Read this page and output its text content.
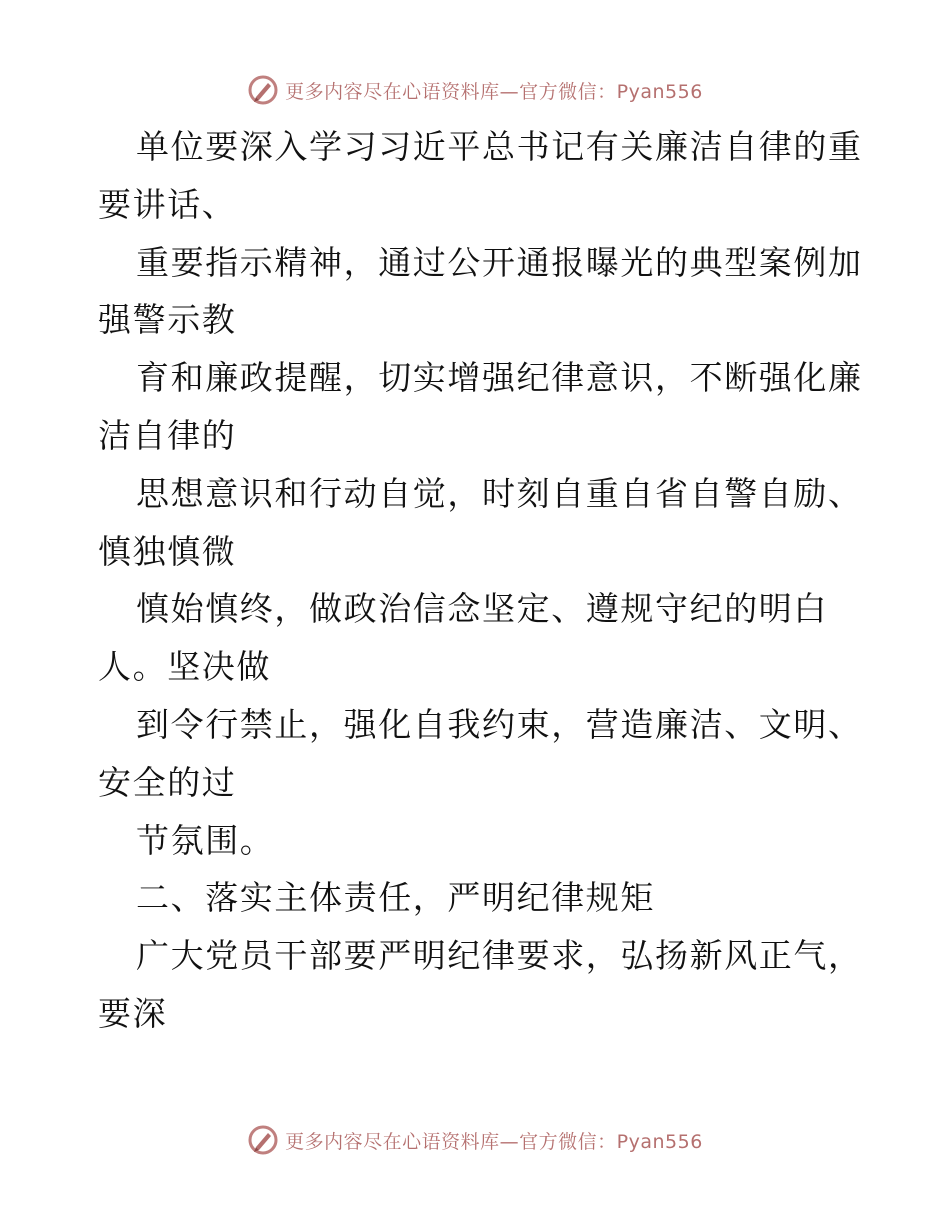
更多内容尽在心语资料库—官方微信：Pyan556
单位要深入学习习近平总书记有关廉洁自律的重
要讲话、
重要指示精神，通过公开通报曝光的典型案例加
强警示教
育和廉政提醒，切实增强纪律意识，不断强化廉
洁自律的
思想意识和行动自觉，时刻自重自省自警自励、
慎独慎微
慎始慎终，做政治信念坚定、遵规守纪的明白
人。坚决做
到令行禁止，强化自我约束，营造廉洁、文明、
安全的过
节氛围。
二、落实主体责任，严明纪律规矩
广大党员干部要严明纪律要求，弘扬新风正气，
要深
更多内容尽在心语资料库—官方微信：Pyan556
